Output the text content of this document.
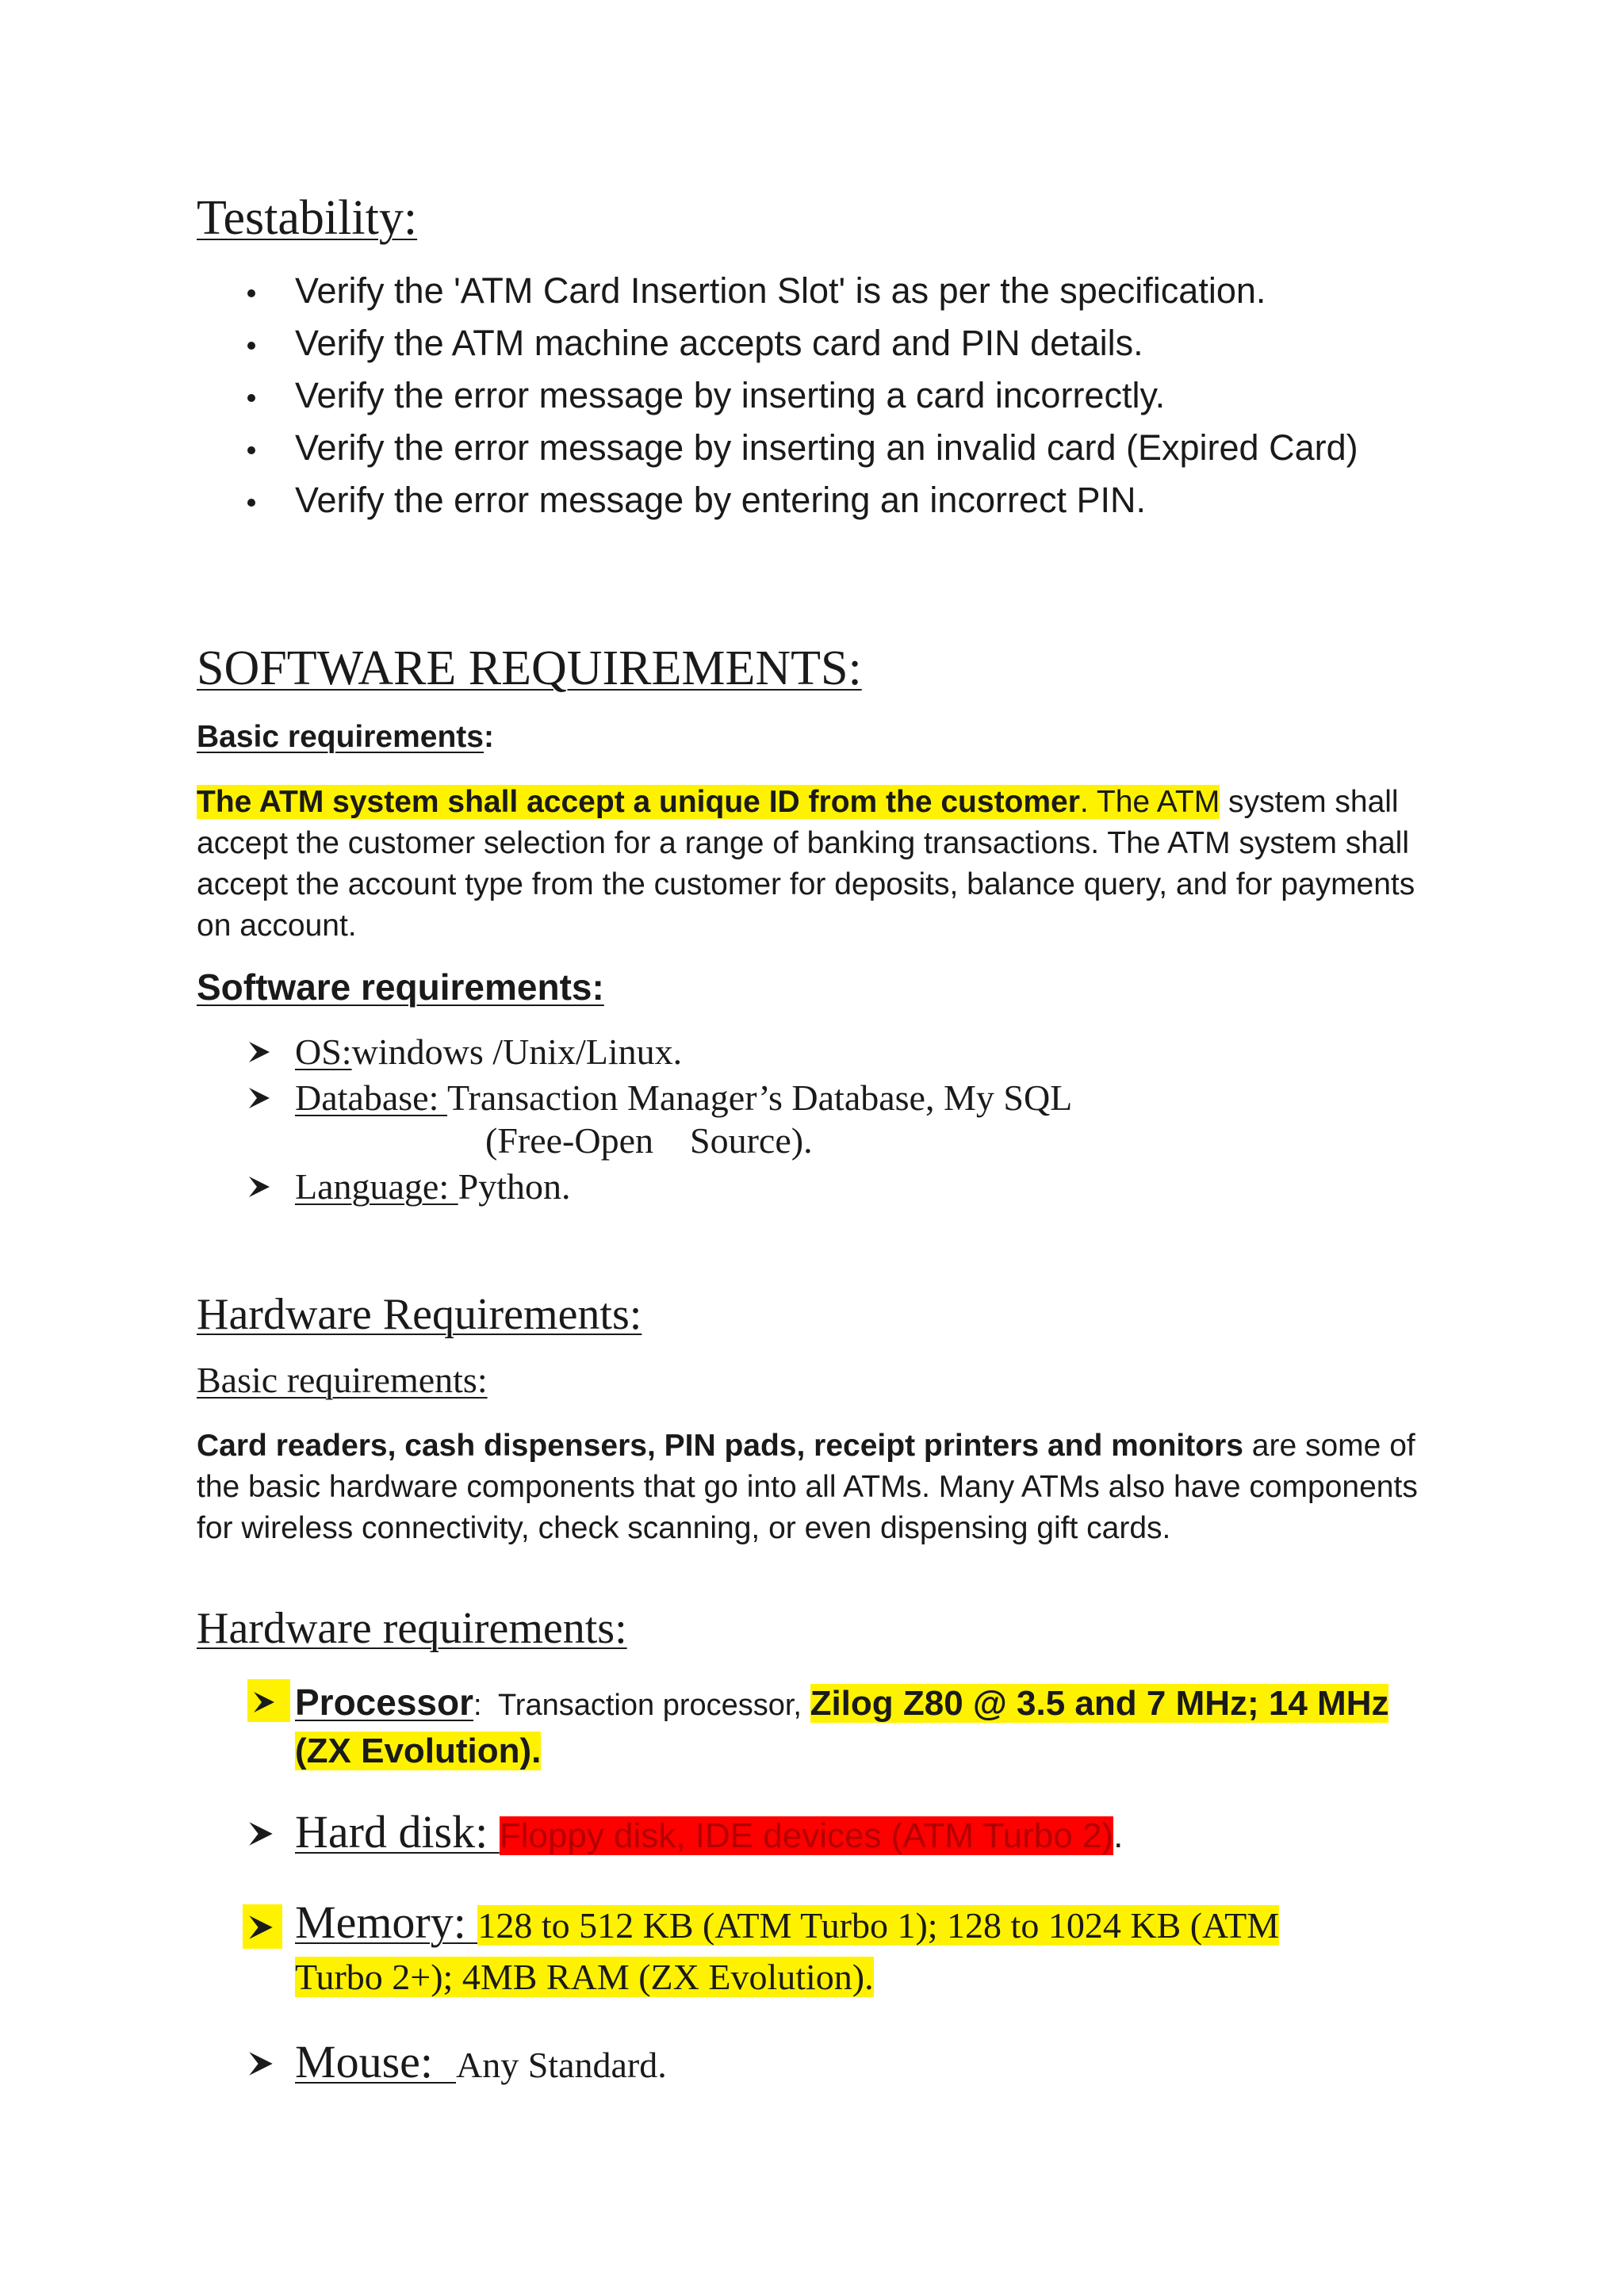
Testability:
Verify the 'ATM Card Insertion Slot' is as per the specification.
Verify the ATM machine accepts card and PIN details.
Verify the error message by inserting a card incorrectly.
Verify the error message by inserting an invalid card (Expired Card)
Verify the error message by entering an incorrect PIN.
SOFTWARE REQUIREMENTS:

Basic requirements:

The ATM system shall accept a unique ID from the customer. The ATM system shall accept the customer selection for a range of banking transactions. The ATM system shall accept the account type from the customer for deposits, balance query, and for payments on account.

Software requirements:

OS:windows /Unix/Linux.
Database: Transaction Manager’s Database, My SQL
(Free-Open    Source).
Language: Python.
Hardware Requirements:

Basic requirements:

Card readers, cash dispensers, PIN pads, receipt printers and monitors are some of the basic hardware components that go into all ATMs. Many ATMs also have components for wireless connectivity, check scanning, or even dispensing gift cards.

Hardware requirements:
Processor:  Transaction processor, Zilog Z80 @ 3.5 and 7 MHz; 14 MHz (ZX Evolution).
Hard disk: Floppy disk, IDE devices (ATM Turbo 2).
Memory: 128 to 512 KB (ATM Turbo 1); 128 to 1024 KB (ATM Turbo 2+); 4MB RAM (ZX Evolution).
Mouse:  Any Standard.
